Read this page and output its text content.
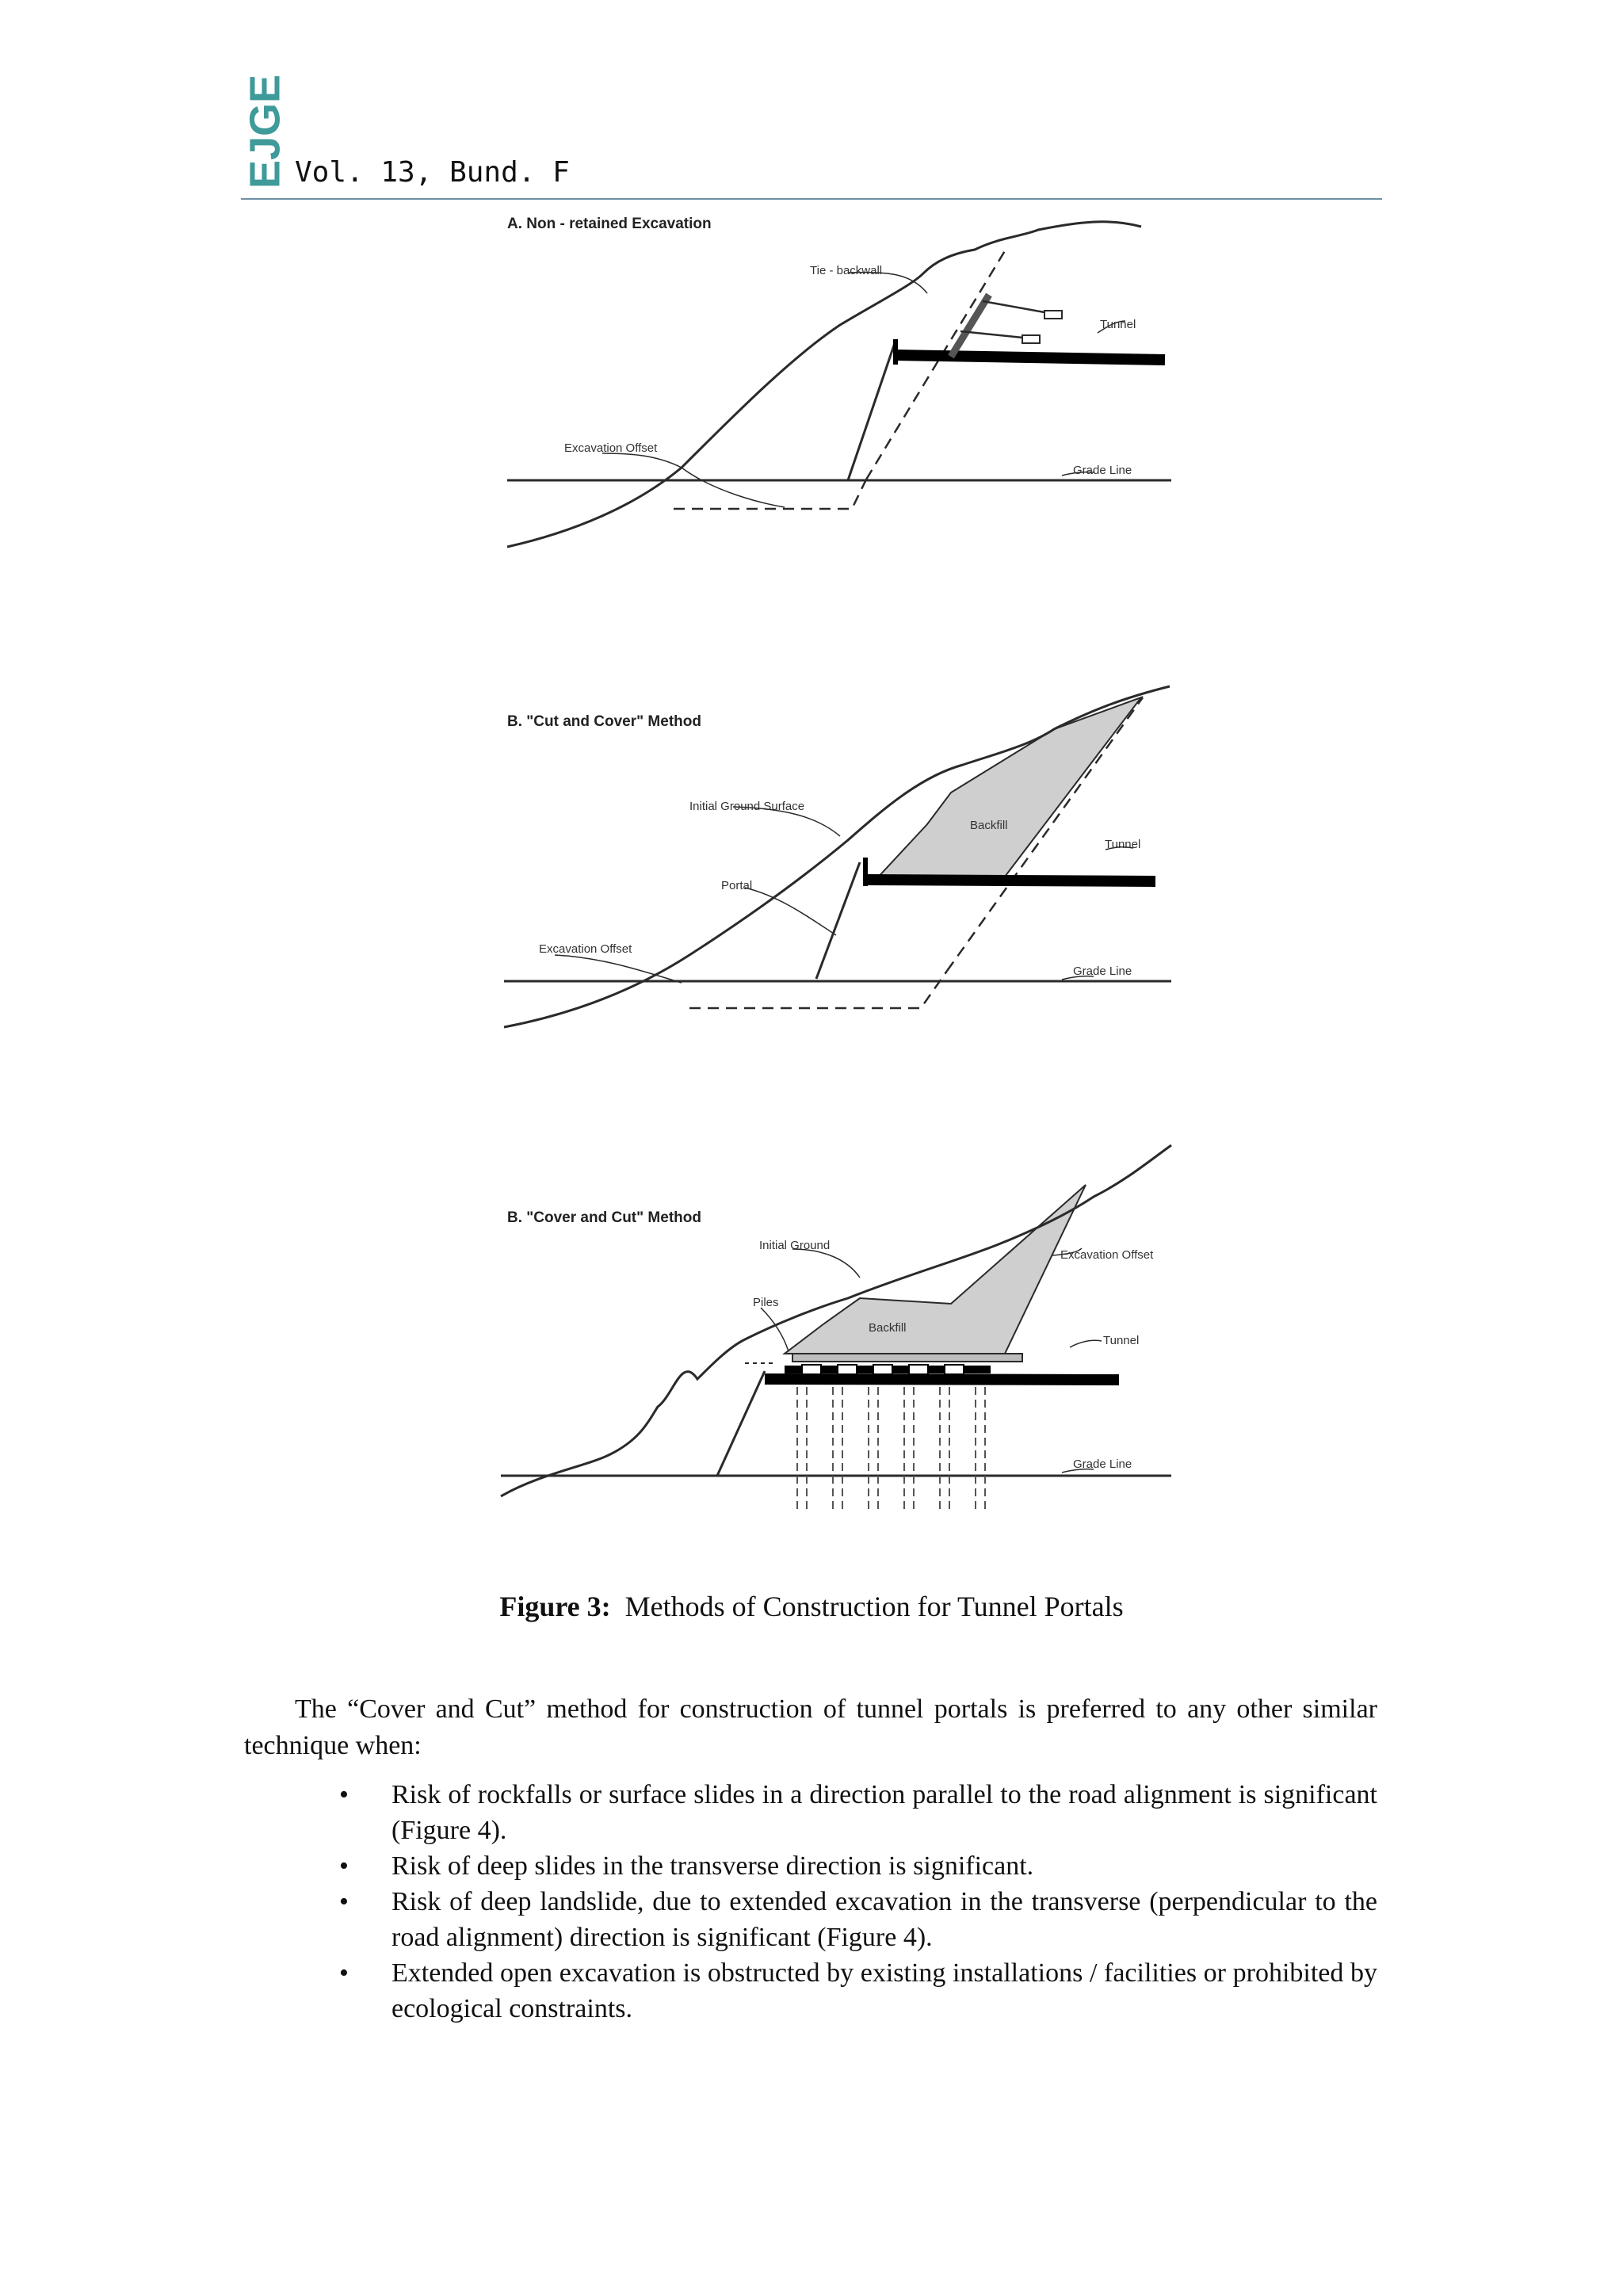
EJGE Vol. 13, Bund. F
A. Non - retained Excavation
Tie - backwall
Tunnel
Excavation Offset
Grade Line
B. "Cut and Cover" Method
Initial Ground Surface
Backfill
Tunnel
Portal
Excavation Offset
Grade Line
B. "Cover and Cut" Method
Initial Ground
Excavation Offset
Piles
Backfill
Tunnel
Grade Line
Figure 3: Methods of Construction for Tunnel Portals

The “Cover and Cut” method for construction of tunnel portals is preferred to any other similar technique when:

• Risk of rockfalls or surface slides in a direction parallel to the road alignment is significant (Figure 4).
• Risk of deep slides in the transverse direction is significant.
• Risk of deep landslide, due to extended excavation in the transverse (perpendicular to the road alignment) direction is significant (Figure 4).
• Extended open excavation is obstructed by existing installations / facilities or prohibited by ecological constraints.
